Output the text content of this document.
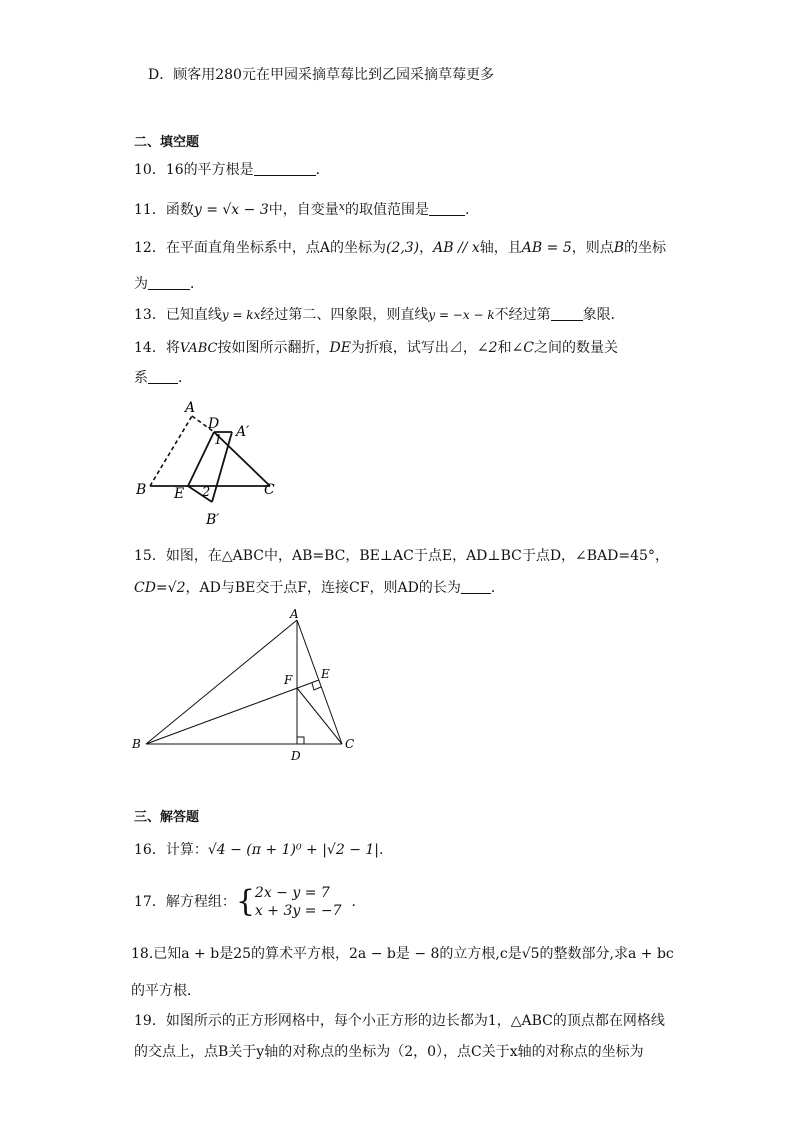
D．顾客用280元在甲园采摘草莓比到乙园采摘草莓更多
二、填空题
10．16的平方根是	．
11．函数y = √x − 3中，自变量$^x$的取值范围是	.
12．在平面直角坐标系中，点A的坐标为(2,3)，AB // x轴，且AB = 5，则点B的坐标
为	．
13．已知直线y = kx经过第二、四象限，则直线y = −x − k不经过第 象限．
14．将VABC按如图所示翻折，DE为折痕，试写出⊿，∠2和∠C之间的数量关
系 ．
A
D A′
1
B E 2	C
B′
15．如图，在△ABC中，AB=BC，BE⊥AC于点E，AD⊥BC于点D，∠BAD=45°，
CD=√2，AD与BE交于点F，连接CF，则AD的长为 ．
A
E
F
B
D
C
三、解答题
16．计算：√4 − (π + 1)⁰ + |√2 − 1|.
17．解方程组：{2x − y = 7
x + 3y = −7．
18.已知a + b是25的算术平方根，2a − b是 − 8的立方根,c是√5的整数部分,求a + bc
的平方根．
19．如图所示的正方形网格中，每个小正方形的边长都为1，△ABC的顶点都在网格线
的交点上，点B关于y轴的对称点的坐标为（2，0），点C关于x轴的对称点的坐标为
